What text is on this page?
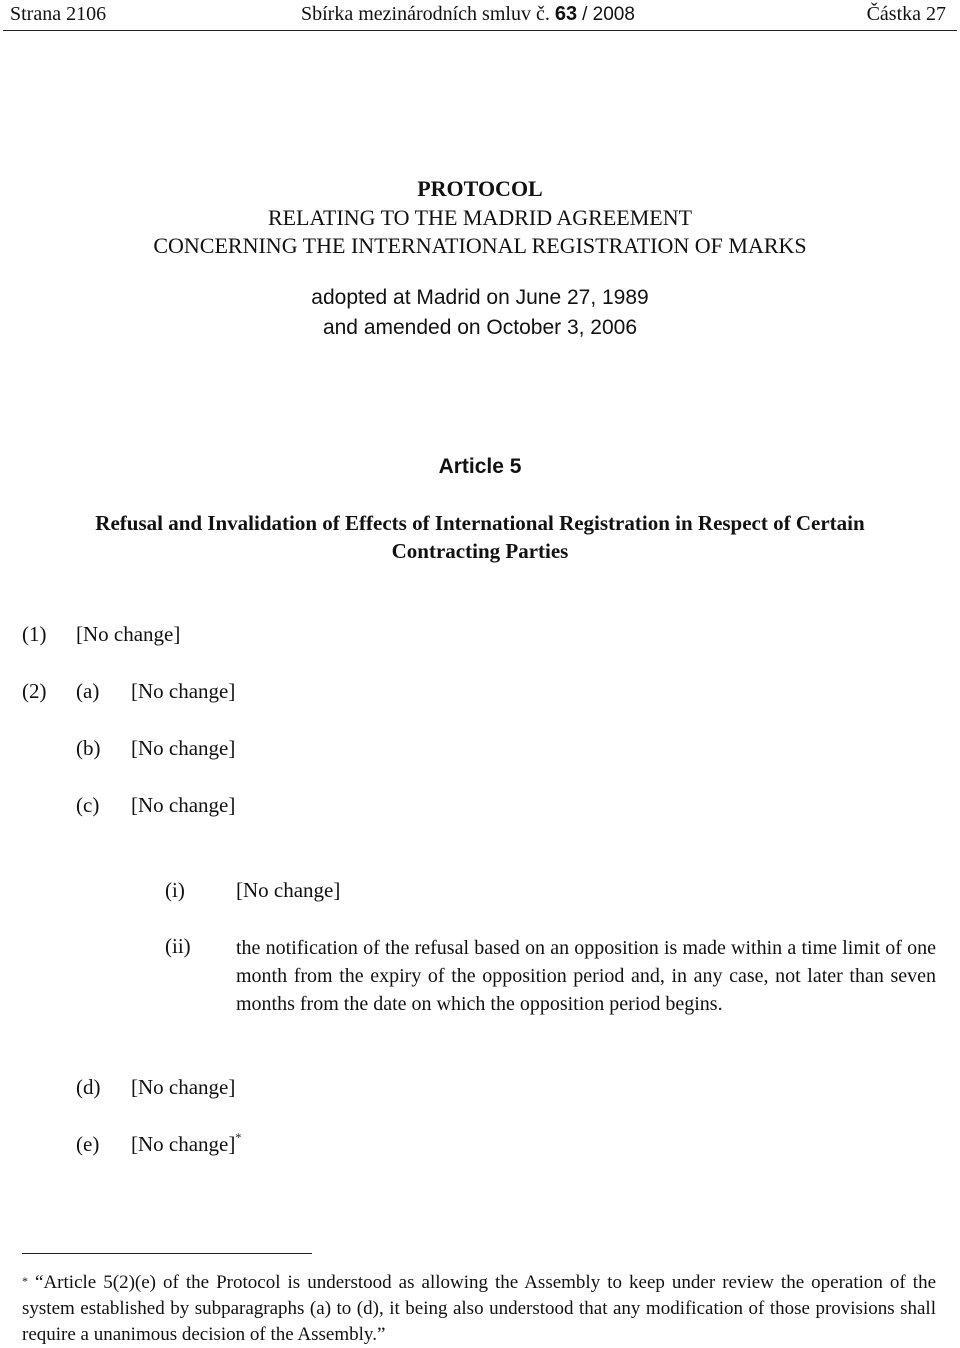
Strana 2106	Sbírka mezinárodních smluv č. 63 / 2008	Částka 27
PROTOCOL
RELATING TO THE MADRID AGREEMENT
CONCERNING THE INTERNATIONAL REGISTRATION OF MARKS
adopted at Madrid on June 27, 1989
and amended on October 3, 2006
Article 5
Refusal and Invalidation of Effects of International Registration in Respect of Certain
Contracting Parties
(1) [No change]
(2) (a) [No change]
(b) [No change]
(c) [No change]
(i) [No change]
(ii) the notification of the refusal based on an opposition is made within a time limit of one month from the expiry of the opposition period and, in any case, not later than seven months from the date on which the opposition period begins.
(d) [No change]
(e) [No change]*
* “Article 5(2)(e) of the Protocol is understood as allowing the Assembly to keep under review the operation of the system established by subparagraphs (a) to (d), it being also understood that any modification of those provisions shall require a unanimous decision of the Assembly.”
